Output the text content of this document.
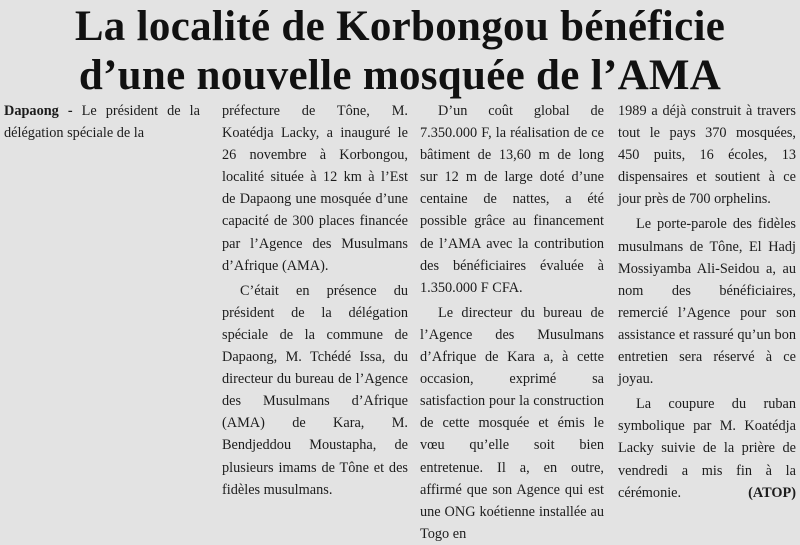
La localité de Korbongou bénéficie
d’une nouvelle mosquée de l’AMA

Dapaong - Le président de la délégation spéciale de la

préfecture de Tône, M. Koatédja Lacky, a inauguré le 26 novembre à Korbongou, localité située à 12 km à l’Est de Dapaong une mosquée d’une capacité de 300 places financée par l’Agence des Musulmans d’Afrique (AMA).

C’était en présence du président de la délégation spéciale de la commune de Dapaong, M. Tchédé Issa, du directeur du bureau de l’Agence des Musulmans d’Afrique (AMA) de Kara, M. Bendjeddou Moustapha, de plusieurs imams de Tône et des fidèles musulmans.

D’un coût global de 7.350.000 F, la réalisation de ce bâtiment de 13,60 m de long sur 12 m de large doté d’une centaine de nattes, a été possible grâce au financement de l’AMA avec la contribution des bénéficiaires évaluée à 1.350.000 F CFA.

Le directeur du bureau de l’Agence des Musulmans d’Afrique de Kara a, à cette occasion, exprimé sa satisfaction pour la construction de cette mosquée et émis le vœu qu’elle soit bien entretenue. Il a, en outre, affirmé que son Agence qui est une ONG koétienne installée au Togo en

1989 a déjà construit à travers tout le pays 370 mosquées, 450 puits, 16 écoles, 13 dispensaires et soutient à ce jour près de 700 orphelins.

Le porte-parole des fidèles musulmans de Tône, El Hadj Mossiyamba Ali-Seidou a, au nom des bénéficiaires, remercié l’Agence pour son assistance et rassuré qu’un bon entretien sera réservé à ce joyau.

La coupure du ruban symbolique par M. Koatédja Lacky suivie de la prière de vendredi a mis fin à la cérémonie.	(ATOP)
